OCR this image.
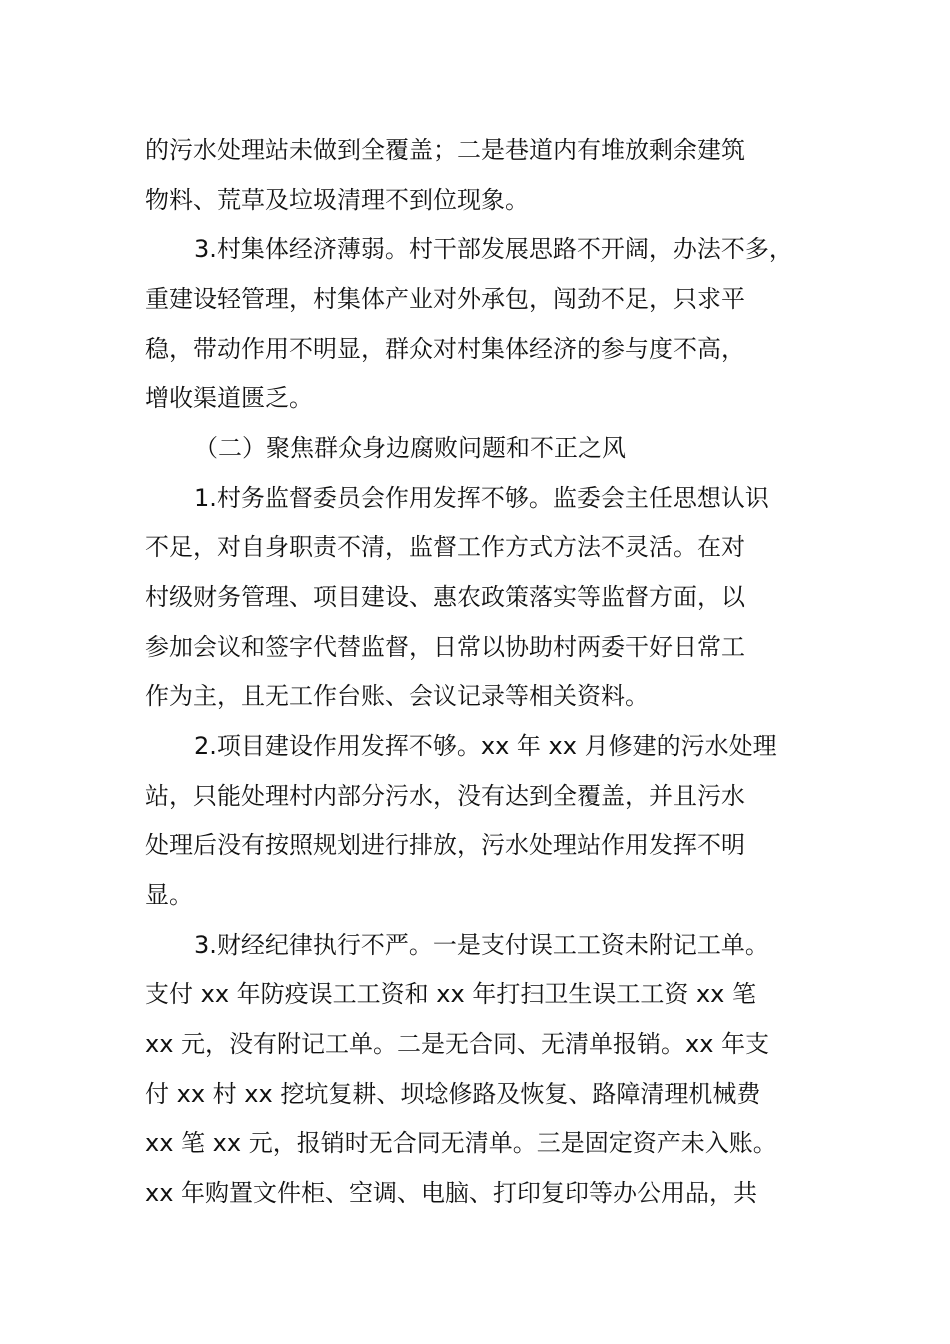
的污水处理站未做到全覆盖；二是巷道内有堆放剩余建筑
物料、荒草及垃圾清理不到位现象。
3.村集体经济薄弱。村干部发展思路不开阔，办法不多，
重建设轻管理，村集体产业对外承包，闯劲不足，只求平
稳，带动作用不明显，群众对村集体经济的参与度不高，
增收渠道匮乏。
（二）聚焦群众身边腐败问题和不正之风
1.村务监督委员会作用发挥不够。监委会主任思想认识
不足，对自身职责不清，监督工作方式方法不灵活。在对
村级财务管理、项目建设、惠农政策落实等监督方面，以
参加会议和签字代替监督，日常以协助村两委干好日常工
作为主，且无工作台账、会议记录等相关资料。
2.项目建设作用发挥不够。xx 年 xx 月修建的污水处理
站，只能处理村内部分污水，没有达到全覆盖，并且污水
处理后没有按照规划进行排放，污水处理站作用发挥不明
显。
3.财经纪律执行不严。一是支付误工工资未附记工单。
支付 xx 年防疫误工工资和 xx 年打扫卫生误工工资 xx 笔
xx 元，没有附记工单。二是无合同、无清单报销。xx 年支
付 xx 村 xx 挖坑复耕、坝埝修路及恢复、路障清理机械费
xx 笔 xx 元，报销时无合同无清单。三是固定资产未入账。
xx 年购置文件柜、空调、电脑、打印复印等办公用品，共
